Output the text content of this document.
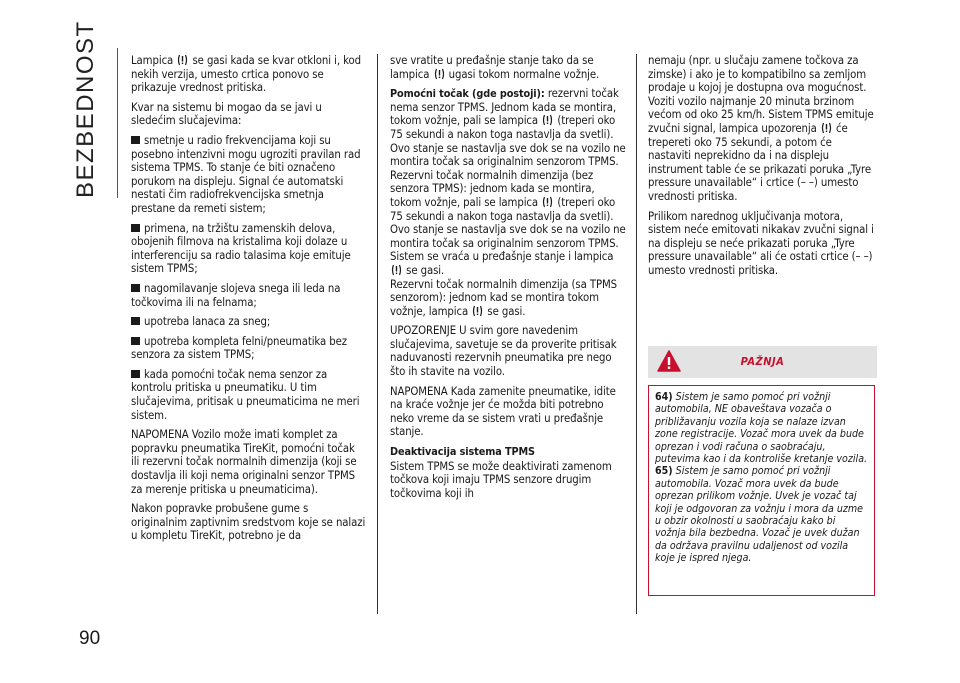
BEZBEDNOST
90

Lampica se gasi kada se kvar otkloni i, kod nekih verzija, umesto crtica ponovo se prikazuje vrednost pritiska.

Kvar na sistemu bi mogao da se javi u sledećim slučajevima:

smetnje u radio frekvencijama koji su posebno intenzivni mogu ugroziti pravilan rad sistema TPMS. To stanje će biti označeno porukom na displeju. Signal će automatski nestati čim radiofrekvencijska smetnja prestane da remeti sistem;

primena, na tržištu zamenskih delova, obojenih filmova na kristalima koji dolaze u interferenciju sa radio talasima koje emituje sistem TPMS;

nagomilavanje slojeva snega ili leda na točkovima ili na felnama;

upotreba lanaca za sneg;

upotreba kompleta felni/pneumatika bez senzora za sistem TPMS;

kada pomoćni točak nema senzor za kontrolu pritiska u pneumatiku. U tim slučajevima, pritisak u pneumaticima ne meri sistem.

NAPOMENA Vozilo može imati komplet za popravku pneumatika TireKit, pomoćni točak ili rezervni točak normalnih dimenzija (koji se dostavlja ili koji nema originalni senzor TPMS za merenje pritiska u pneumaticima).

Nakon popravke probušene gume s originalnim zaptivnim sredstvom koje se nalazi u kompletu TireKit, potrebno je da

sve vratite u prеđašnje stanje tako da se lampica ugasi tokom normalne vožnje.

Pomoćni točak (gde postoji): rezervni točak nema senzor TPMS. Jednom kada se montira, tokom vožnje, pali se lampica (treperi oko 75 sekundi a nakon toga nastavlja da svetli). Ovo stanje se nastavlja sve dok se na vozilo ne montira točak sa originalnim senzorom TPMS.

Rezervni točak normalnih dimenzija (bez senzora TPMS): jednom kada se montira, tokom vožnje, pali se lampica (treperi oko 75 sekundi a nakon toga nastavlja da svetli). Ovo stanje se nastavlja sve dok se na vozilo ne montira točak sa originalnim senzorom TPMS. Sistem se vraća u prеđašnje stanje i lampica
se gasi.

Rezervni točak normalnih dimenzija (sa TPMS senzorom): jednom kad se montira tokom vožnje, lampica se gasi.

UPOZORENJE U svim gore navedenim slučajevima, savetuje se da proverite pritisak naduvanosti rezervnih pneumatika pre nego što ih stavite na vozilo.

NAPOMENA Kada zamenite pneumatike, idite na kraće vožnje jer će možda biti potrebno neko vreme da se sistem vrati u prеđašnje stanje.

Deaktivacija sistema TPMS

Sistem TPMS se može deaktivirati zamenom točkova koji imaju TPMS senzore drugim točkovima koji ih

nemaju (npr. u slučaju zamene točkova za zimske) i ako je to kompatibilno sa zemljom prodaje u kojoj je dostupna ova mogućnost. Voziti vozilo najmanje 20 minuta brzinom većom od oko 25 km/h. Sistem TPMS emituje zvučni signal, lampica upozorenja će trepereti oko 75 sekundi, a potom će nastaviti neprekidno da i na displeju instrument table će se prikazati poruka „Tyre pressure unavailable“ i crtice (– –) umesto vrednosti pritiska.

Prilikom narednog uključivanja motora, sistem neće emitovati nikakav zvučni signal i na displeju se neće prikazati poruka „Tyre pressure unavailable“ ali će ostati crtice (– –) umesto vrednosti pritiska.

PAŽNJA

64) Sistem je samo pomoć pri vožnji automobila, NE obavеštava vozača o približavanju vozila koja se nalaze izvan zone registracije. Vozač mora uvek da bude oprezan i vodi računa o saobraćaju, putevima kao i da kontroliše kretanje vozila.

65) Sistem je samo pomoć pri vožnji automobila. Vozač mora uvek da bude oprezan prilikom vožnje. Uvek je vozač taj koji je odgovoran za vožnju i mora da uzme u obzir okolnosti u saobraćaju kako bi vožnja bila bezbedna. Vozač je uvek dužan da održava pravilnu udaljenost od vozila koje je ispred njega.
